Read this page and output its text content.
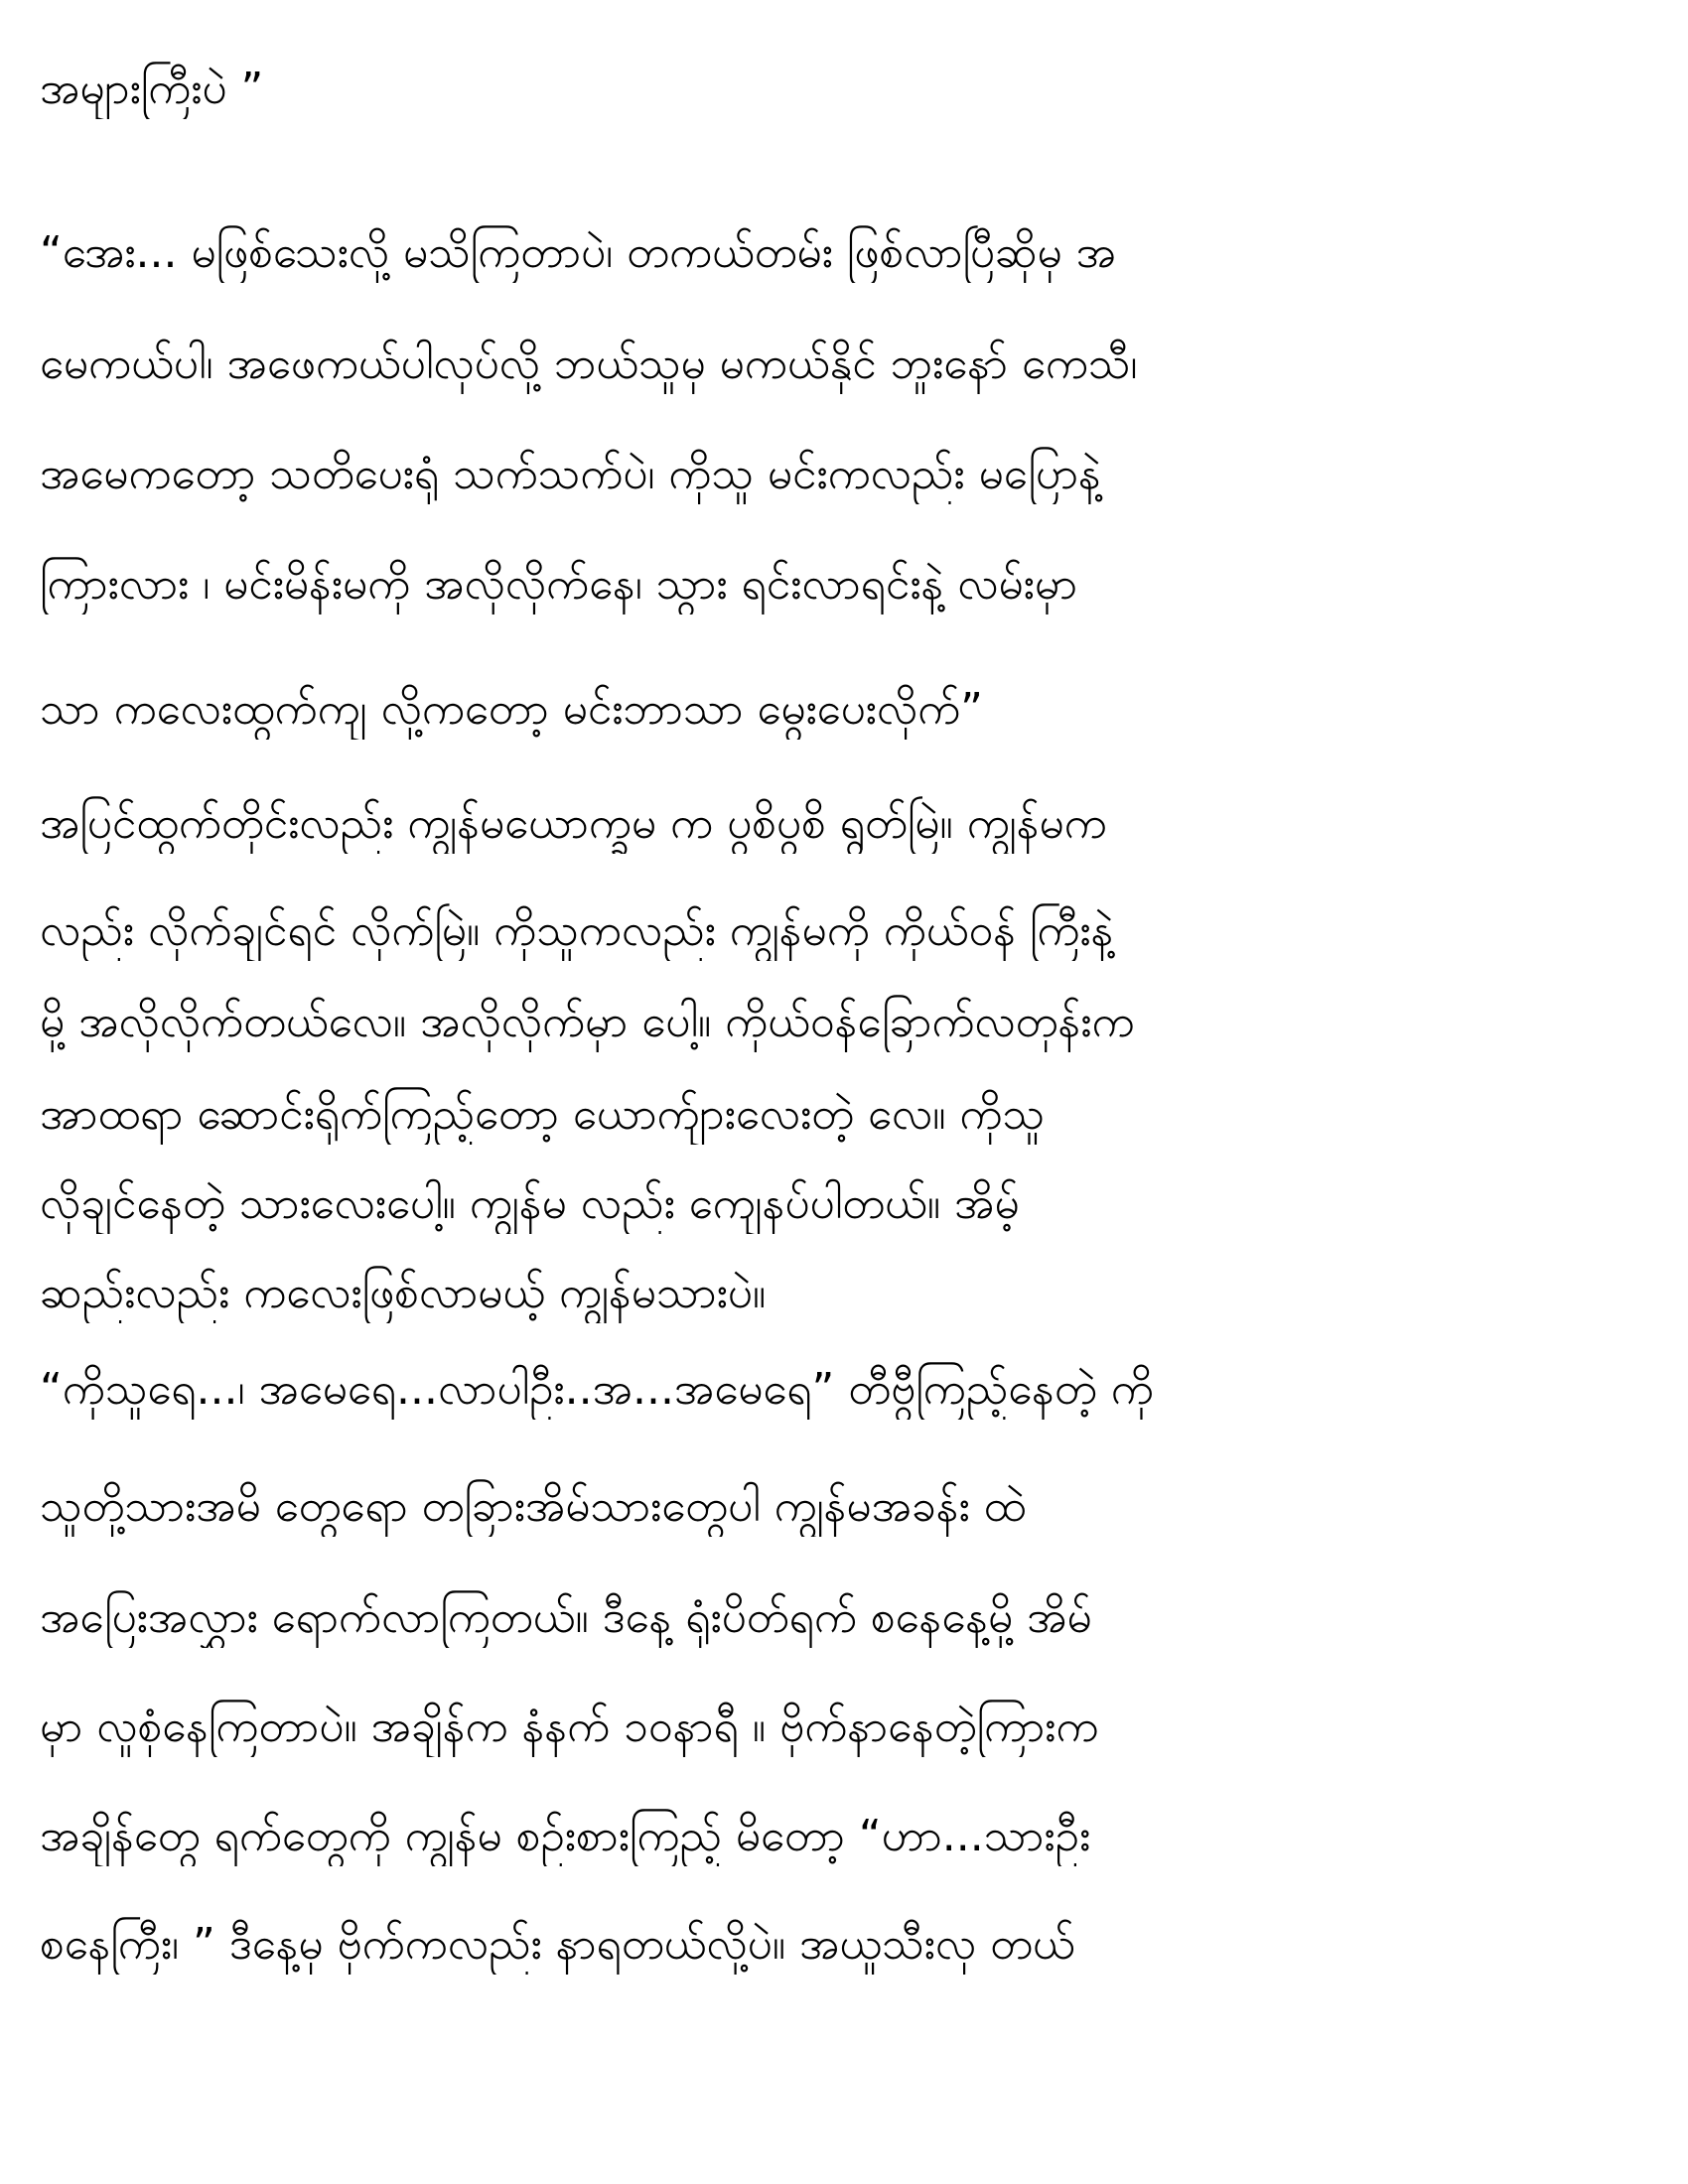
အများကြီးပဲ ”
“အေး... မဖြစ်သေးလို့ မသိကြတာပဲ၊ တကယ်တမ်း ဖြစ်လာပြီဆိုမှ အ
မေကယ်ပါ၊ အဖေကယ်ပါလုပ်လို့ ဘယ်သူမှ မကယ်နိုင် ဘူးနော် ကေသီ၊
အမေကတော့ သတိပေးရုံ သက်သက်ပဲ၊ ကိုသူ မင်းကလည်း မပြောနဲ့
ကြားလား ၊ မင်းမိန်းမကို အလိုလိုက်နေ၊ သွား ရင်းလာရင်းနဲ့ လမ်းမှာ
သာ ကလေးထွက်ကျ လို့ကတော့ မင်းဘာသာ မွေးပေးလိုက်”
အပြင်ထွက်တိုင်းလည်း ကျွန်မယောက္ခမ က ပွစိပွစိ ရွတ်မြဲ။ ကျွန်မက
လည်း လိုက်ချင်ရင် လိုက်မြဲ။ ကိုသူကလည်း ကျွန်မကို ကိုယ်ဝန် ကြီးနဲ့
မို့ အလိုလိုက်တယ်လေ။ အလိုလိုက်မှာ ပေါ့။ ကိုယ်ဝန်ခြောက်လတုန်းက
အာထရာ ဆောင်းရိုက်ကြည့်တော့ ယောက်ျားလေးတဲ့ လေ။ ကိုသူ
လိုချင်နေတဲ့ သားလေးပေါ့။ ကျွန်မ လည်း ကျေနပ်ပါတယ်။ အိမ့်
ဆည်းလည်း ကလေးဖြစ်လာမယ့် ကျွန်မသားပဲ။
“ကိုသူရေ...၊ အမေရေ...လာပါဦး..အ...အမေရေ” တီဗွီကြည့်နေတဲ့ ကို
သူတို့သားအမိ တွေရော တခြားအိမ်သားတွေပါ ကျွန်မအခန်း ထဲ
အပြေးအလွှား ရောက်လာကြတယ်။ ဒီနေ့ ရုံးပိတ်ရက် စနေနေ့မို့ အိမ်
မှာ လူစုံနေကြတာပဲ။ အချိန်က နံနက် ၁၀နာရီ ။ ဗိုက်နာနေတဲ့ကြားက
အချိန်တွေ ရက်တွေကို ကျွန်မ စဉ်းစားကြည့် မိတော့ “ဟာ...သားဦး
စနေကြီး၊ ” ဒီနေ့မှ ဗိုက်ကလည်း နာရတယ်လို့ပဲ။ အယူသီးလှ တယ်
